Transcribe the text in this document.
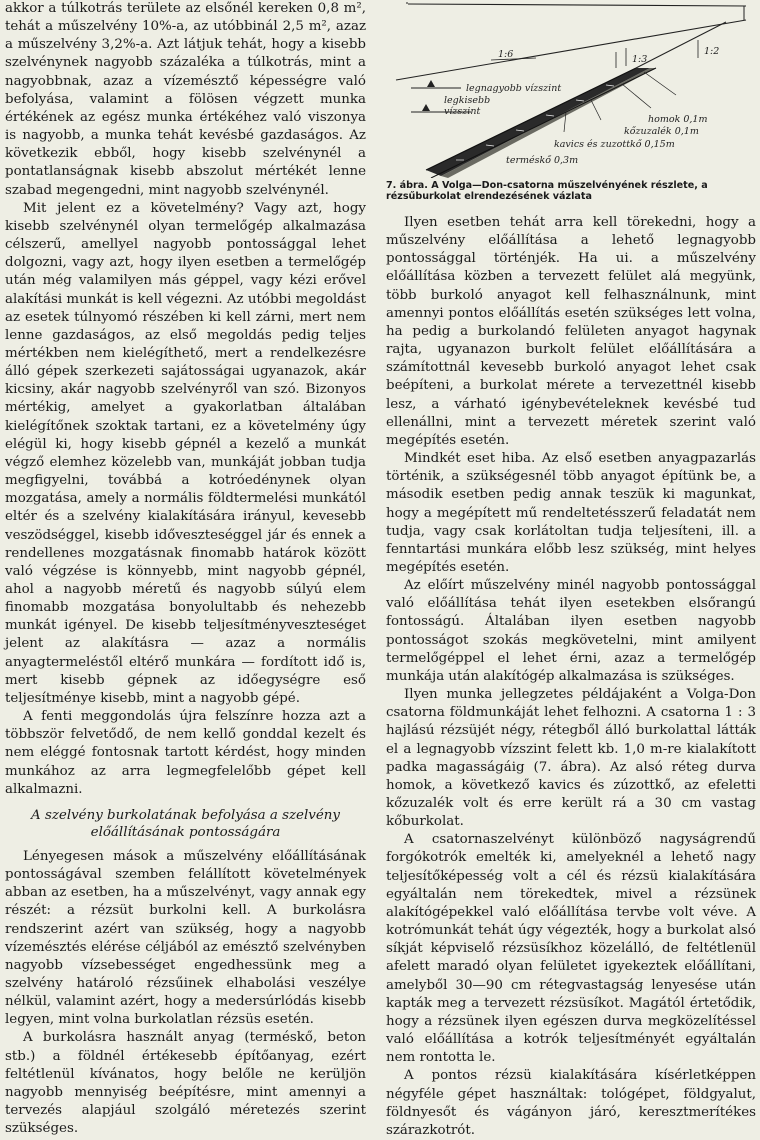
akkor a túlkotrás területe az elsőnél kereken 0,8 m², tehát a műszelvény 10%-a, az utóbbinál 2,5 m², azaz a műszelvény 3,2%-a. Azt látjuk tehát, hogy a kisebb szelvénynek nagyobb százaléka a túlkotrás, mint a nagyobbnak, azaz a vízemésztő képességre való befolyása, valamint a fölösen végzett munka értékének az egész munka értékéhez való viszonya is nagyobb, a munka tehát kevésbé gazdaságos. Az következik ebből, hogy kisebb szelvénynél a pontatlanságnak kisebb abszolut mértékét lenne szabad megengedni, mint nagyobb szelvénynél.

Mit jelent ez a követelmény? Vagy azt, hogy kisebb szelvénynél olyan termelőgép alkalmazása célszerű, amellyel nagyobb pontossággal lehet dolgozni, vagy azt, hogy ilyen esetben a termelőgép után még valamilyen más géppel, vagy kézi erővel alakítási munkát is kell végezni. Az utóbbi megoldást az esetek túlnyomó részében ki kell zárni, mert nem lenne gazdaságos, az első megoldás pedig teljes mértékben nem kielégíthető, mert a rendelkezésre álló gépek szerkezeti sajátosságai ugyanazok, akár kicsiny, akár nagyobb szelvényről van szó. Bizonyos mértékig, amelyet a gyakorlatban általában kielégítőnek szoktak tartani, ez a követelmény úgy elégül ki, hogy kisebb gépnél a kezelő a munkát végző elemhez közelebb van, munkáját jobban tudja megfigyelni, továbbá a kotróedénynek olyan mozgatása, amely a normális földtermelési munkától eltér és a szelvény kialakítására irányul, kevesebb veszödséggel, kisebb időveszteséggel jár és ennek a rendellenes mozgatásnak finomabb határok között való végzése is könnyebb, mint nagyobb gépnél, ahol a nagyobb méretű és nagyobb súlyú elem finomabb mozgatása bonyolultabb és nehezebb munkát igényel. De kisebb teljesítményveszteséget jelent az alakításra — azaz a normális anyagtermeléstől eltérő munkára — fordított idő is, mert kisebb gépnek az időegységre eső teljesítménye kisebb, mint a nagyobb gépé.

A fenti meggondolás újra felszínre hozza azt a többször felvetődő, de nem kellő gonddal kezelt és nem eléggé fontosnak tartott kérdést, hogy minden munkához az arra legmegfelelőbb gépet kell alkalmazni.

A szelvény burkolatának befolyása a szelvény előállításának pontosságára

Lényegesen mások a műszelvény előállításának pontosságával szemben felállított követelmények abban az esetben, ha a műszelvényt, vagy annak egy részét: a rézsüt burkolni kell. A burkolásra rendszerint azért van szükség, hogy a nagyobb vízemésztés elérése céljából az emésztő szelvényben nagyobb vízsebességet engedhessünk meg a szelvény határoló rézsűinek elhabolási veszélye nélkül, valamint azért, hogy a medersúrlódás kisebb legyen, mint volna burkolatlan rézsüs esetén.

A burkolásra használt anyag (terméskő, beton stb.) a földnél értékesebb építőanyag, ezért feltétlenül kívánatos, hogy belőle ne kerüljön nagyobb mennyiség beépítésre, mint amennyi a tervezés alapjául szolgáló méretezés szerint szükséges.

1:6	1:3
1:2
legnagyobb vízszint
legkisebb
vízszint
homok 0,1m
kőzuzalék 0,1m
kavics és zuzottkő 0,15m
terméskő 0,3m

7. ábra. A Volga—Don-csatorna műszelvényének részlete, a rézsűburkolat elrendezésének vázlata

Ilyen esetben tehát arra kell törekedni, hogy a műszelvény előállítása a lehető legnagyobb pontossággal történjék. Ha ui. a műszelvény előállítása közben a tervezett felület alá megyünk, több burkoló anyagot kell felhasználnunk, mint amennyi pontos előállítás esetén szükséges lett volna, ha pedig a burkolandó felületen anyagot hagynak rajta, ugyanazon burkolt felület előállítására a számítottnál kevesebb burkoló anyagot lehet csak beépíteni, a burkolat mérete a tervezettnél kisebb lesz, a várható igénybevételeknek kevésbé tud ellenállni, mint a tervezett méretek szerint való megépítés esetén.

Mindkét eset hiba. Az első esetben anyagpazarlás történik, a szükségesnél több anyagot építünk be, a második esetben pedig annak teszük ki magunkat, hogy a megépített mű rendeltetésszerű feladatát nem tudja, vagy csak korlátoltan tudja teljesíteni, ill. a fenntartási munkára előbb lesz szükség, mint helyes megépítés esetén.

Az előírt műszelvény minél nagyobb pontossággal való előállítása tehát ilyen esetekben elsőrangú fontosságú. Általában ilyen esetben nagyobb pontosságot szokás megkövetelni, mint amilyent termelőgéppel el lehet érni, azaz a termelőgép munkája után alakítógép alkalmazása is szükséges.

Ilyen munka jellegzetes példájaként a Volga-Don csatorna földmunkáját lehet felhozni. A csatorna 1 : 3 hajlású rézsüjét négy, rétegből álló burkolattal látták el a legnagyobb vízszint felett kb. 1,0 m-re kialakított padka magasságáig (7. ábra). Az alsó réteg durva homok, a következő kavics és zúzottkő, az efeletti kőzuzalék volt és erre került rá a 30 cm vastag kőburkolat.

A csatornaszelvényt különböző nagyságrendű forgókotrók emelték ki, amelyeknél a lehető nagy teljesítőképesség volt a cél és rézsü kialakítására egyáltalán nem törekedtek, mivel a rézsünek alakítógépekkel való előállítása tervbe volt véve. A kotrómunkát tehát úgy végezték, hogy a burkolat alsó síkját képviselő rézsüsíkhoz közelálló, de feltétlenül afelett maradó olyan felületet igyekeztek előállítani, amelyből 30—90 cm rétegvastagság lenyesése után kapták meg a tervezett rézsüsíkot. Magától értetődik, hogy a rézsünek ilyen egészen durva megközelítéssel való előállítása a kotrók teljesítményét egyáltalán nem rontotta le.

A pontos rézsü kialakítására kísérletképpen négyféle gépet használtak: tológépet, földgyalut, földnyesőt és vágányon járó, keresztmerítékes szárazkotrót.
